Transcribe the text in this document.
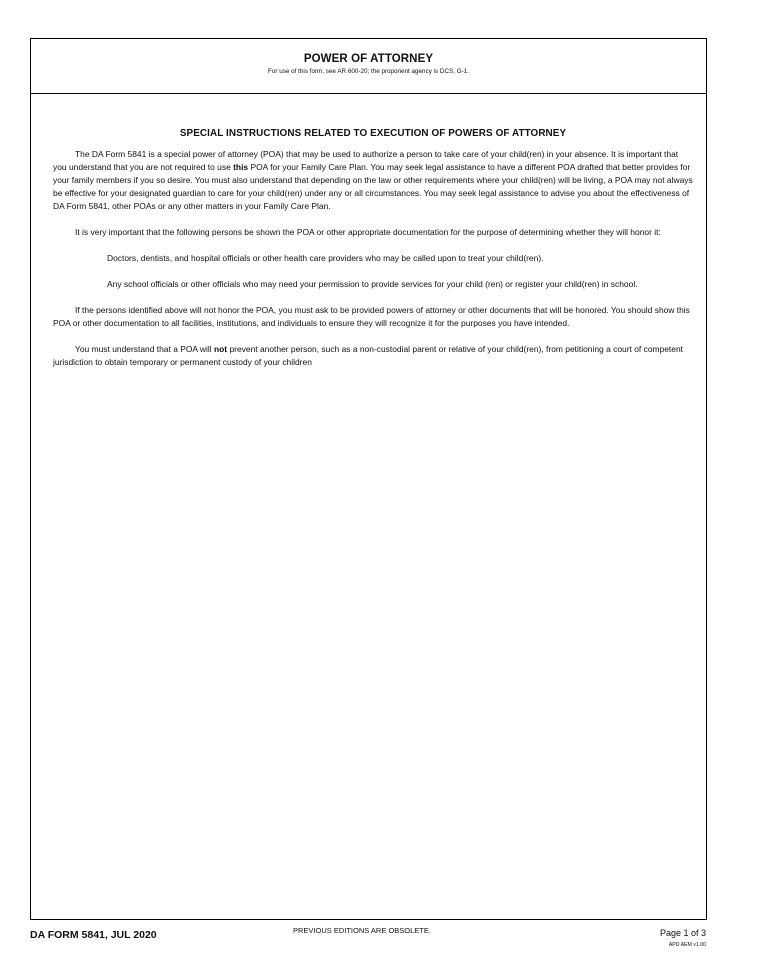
POWER OF ATTORNEY
For use of this form, see AR 600-20; the proponent agency is DCS, G-1.
SPECIAL INSTRUCTIONS RELATED TO EXECUTION OF POWERS OF ATTORNEY

The DA Form 5841 is a special power of attorney (POA) that may be used to authorize a person to take care of your child(ren) in your absence. It is important that you understand that you are not required to use this POA for your Family Care Plan. You may seek legal assistance to have a different POA drafted that better provides for your family members if you so desire. You must also understand that depending on the law or other requirements where your child(ren) will be living, a POA may not always be effective for your designated guardian to care for your child(ren) under any or all circumstances. You may seek legal assistance to advise you about the effectiveness of DA Form 5841, other POAs or any other matters in your Family Care Plan.

It is very important that the following persons be shown the POA or other appropriate documentation for the purpose of determining whether they will honor it:

Doctors, dentists, and hospital officials or other health care providers who may be called upon to treat your child(ren).

Any school officials or other officials who may need your permission to provide services for your child (ren) or register your child(ren) in school.

If the persons identified above will not honor the POA, you must ask to be provided powers of attorney or other documents that will be honored. You should show this POA or other documentation to all facilities, institutions, and individuals to ensure they will recognize it for the purposes you have intended.

You must understand that a POA will not prevent another person, such as a non-custodial parent or relative of your child(ren), from petitioning a court of competent jurisdiction to obtain temporary or permanent custody of your children

DA FORM 5841, JUL 2020	PREVIOUS EDITIONS ARE OBSOLETE.	Page 1 of 3
APD AEM v1.00
